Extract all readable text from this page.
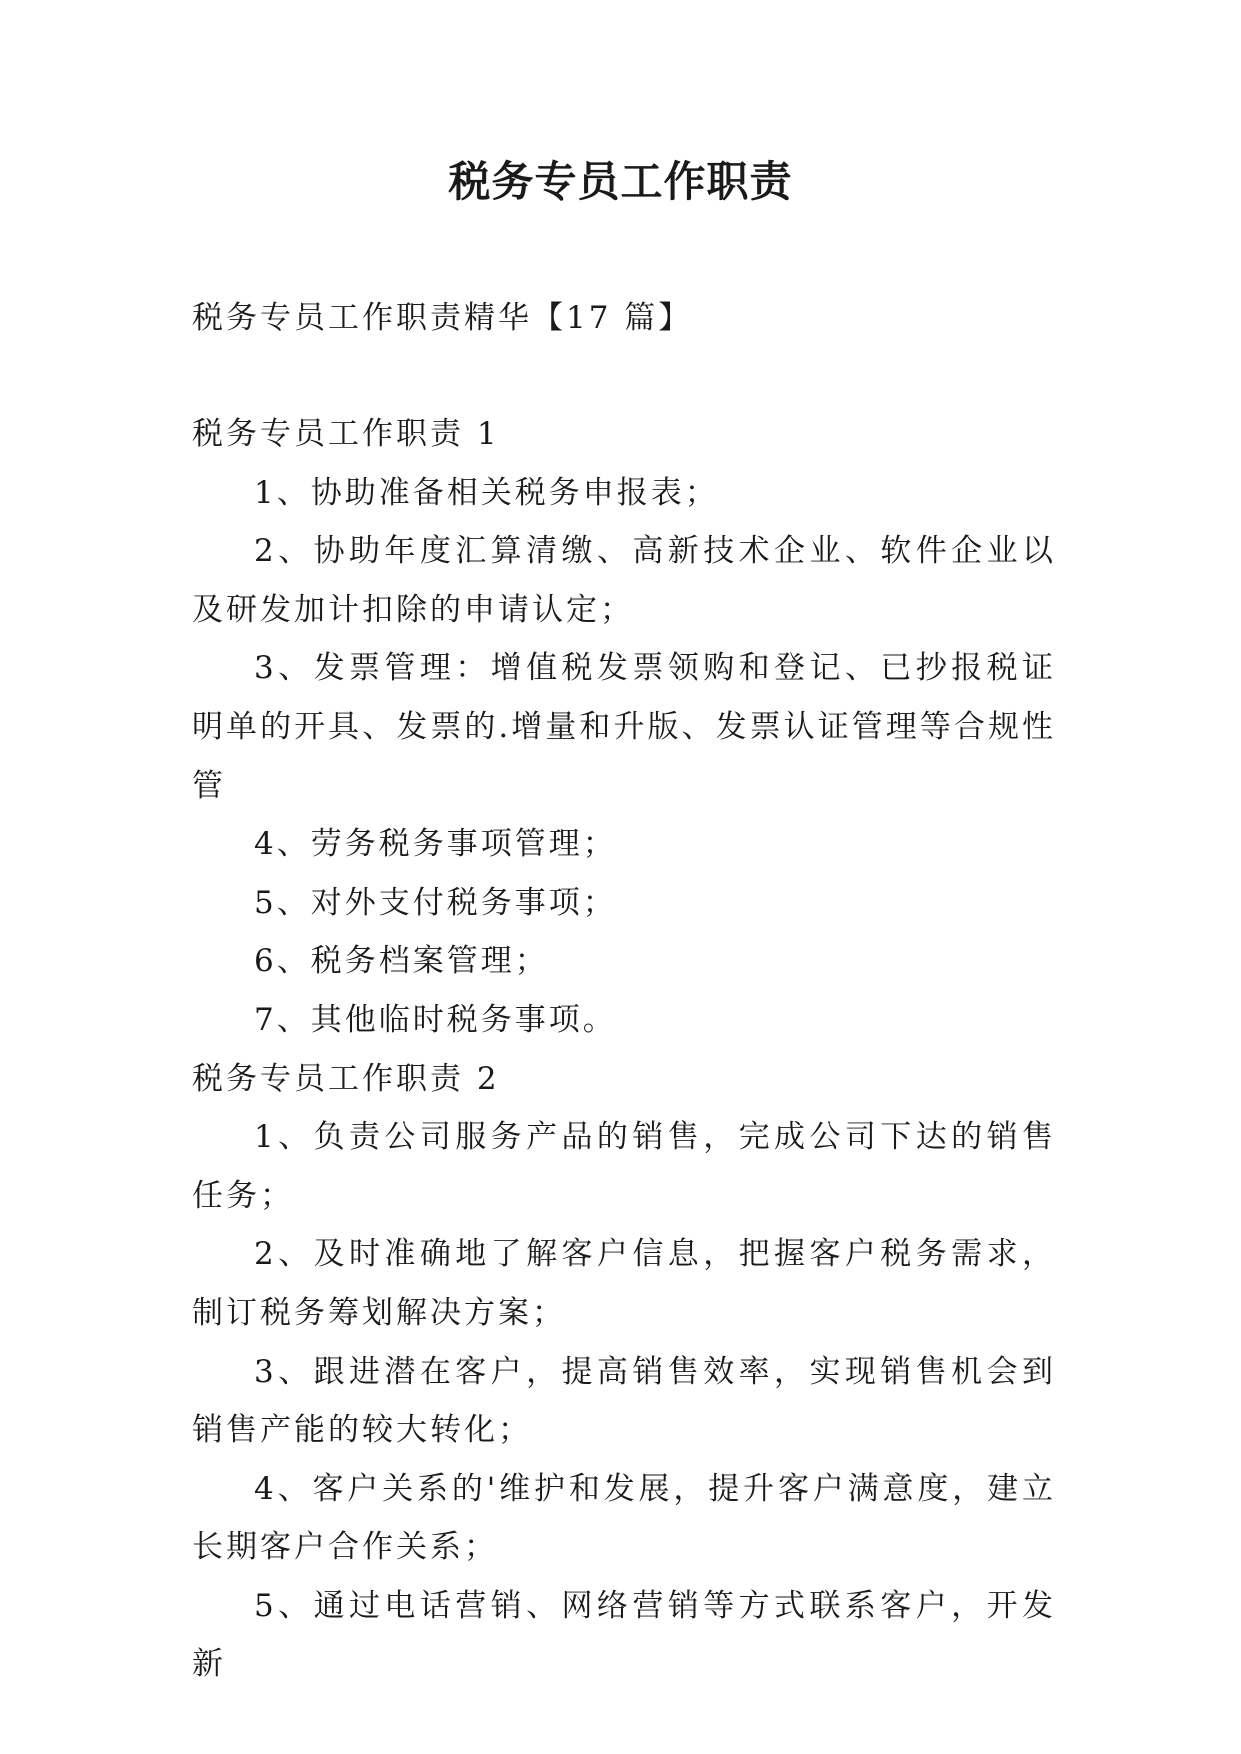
税务专员工作职责

税务专员工作职责精华【17 篇】

税务专员工作职责 1

1、协助准备相关税务申报表；

2、协助年度汇算清缴、高新技术企业、软件企业以及研发加计扣除的申请认定；

3、发票管理：增值税发票领购和登记、已抄报税证明单的开具、发票的.增量和升版、发票认证管理等合规性管

4、劳务税务事项管理；

5、对外支付税务事项；

6、税务档案管理；

7、其他临时税务事项。

税务专员工作职责 2

1、负责公司服务产品的销售，完成公司下达的销售任务；

2、及时准确地了解客户信息，把握客户税务需求，制订税务筹划解决方案；

3、跟进潜在客户，提高销售效率，实现销售机会到销售产能的较大转化；

4、客户关系的'维护和发展，提升客户满意度，建立长期客户合作关系；

5、通过电话营销、网络营销等方式联系客户，开发新
